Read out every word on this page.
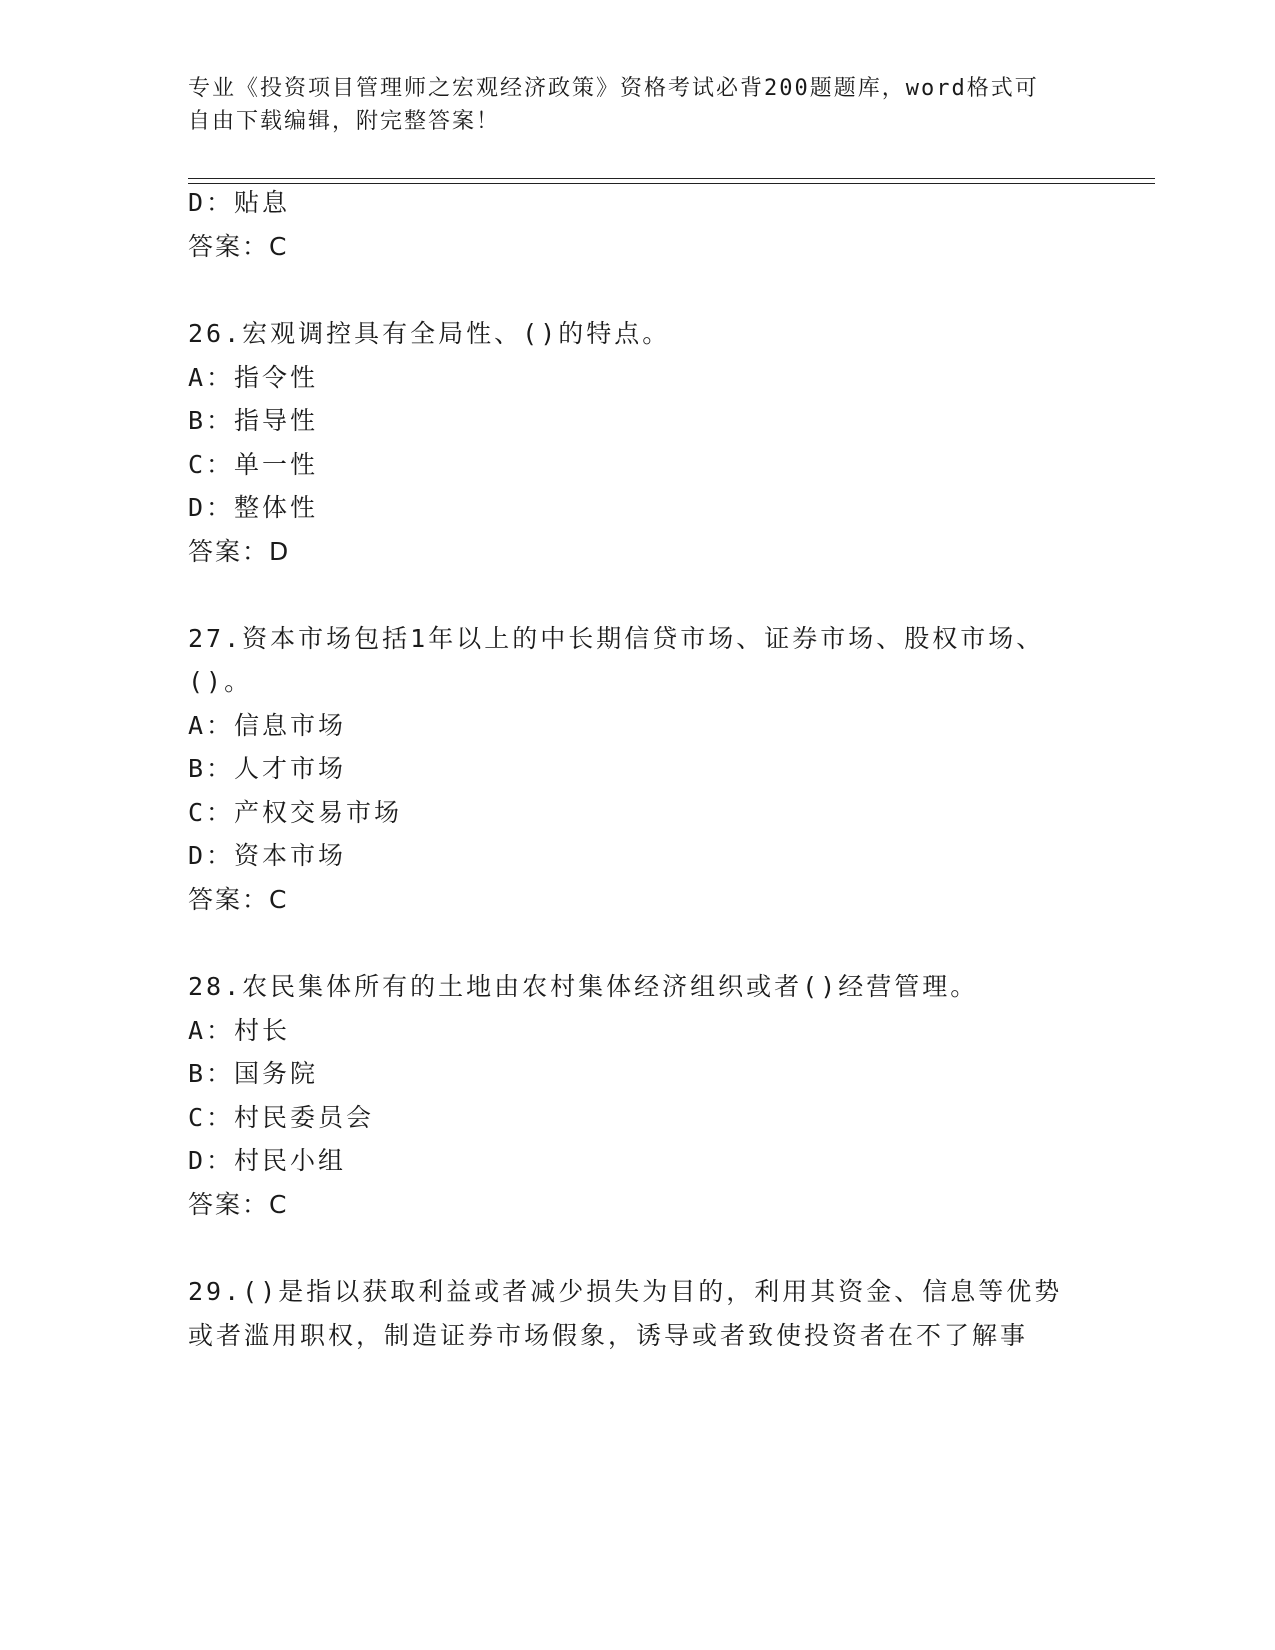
专业《投资项目管理师之宏观经济政策》资格考试必背200题题库，word格式可
自由下载编辑，附完整答案！
D：贴息
答案：C
26.宏观调控具有全局性、()的特点。
A：指令性
B：指导性
C：单一性
D：整体性
答案：D
27.资本市场包括1年以上的中长期信贷市场、证券市场、股权市场、
()。
A：信息市场
B：人才市场
C：产权交易市场
D：资本市场
答案：C
28.农民集体所有的土地由农村集体经济组织或者()经营管理。
A：村长
B：国务院
C：村民委员会
D：村民小组
答案：C
29.()是指以获取利益或者减少损失为目的，利用其资金、信息等优势
或者滥用职权，制造证券市场假象，诱导或者致使投资者在不了解事
